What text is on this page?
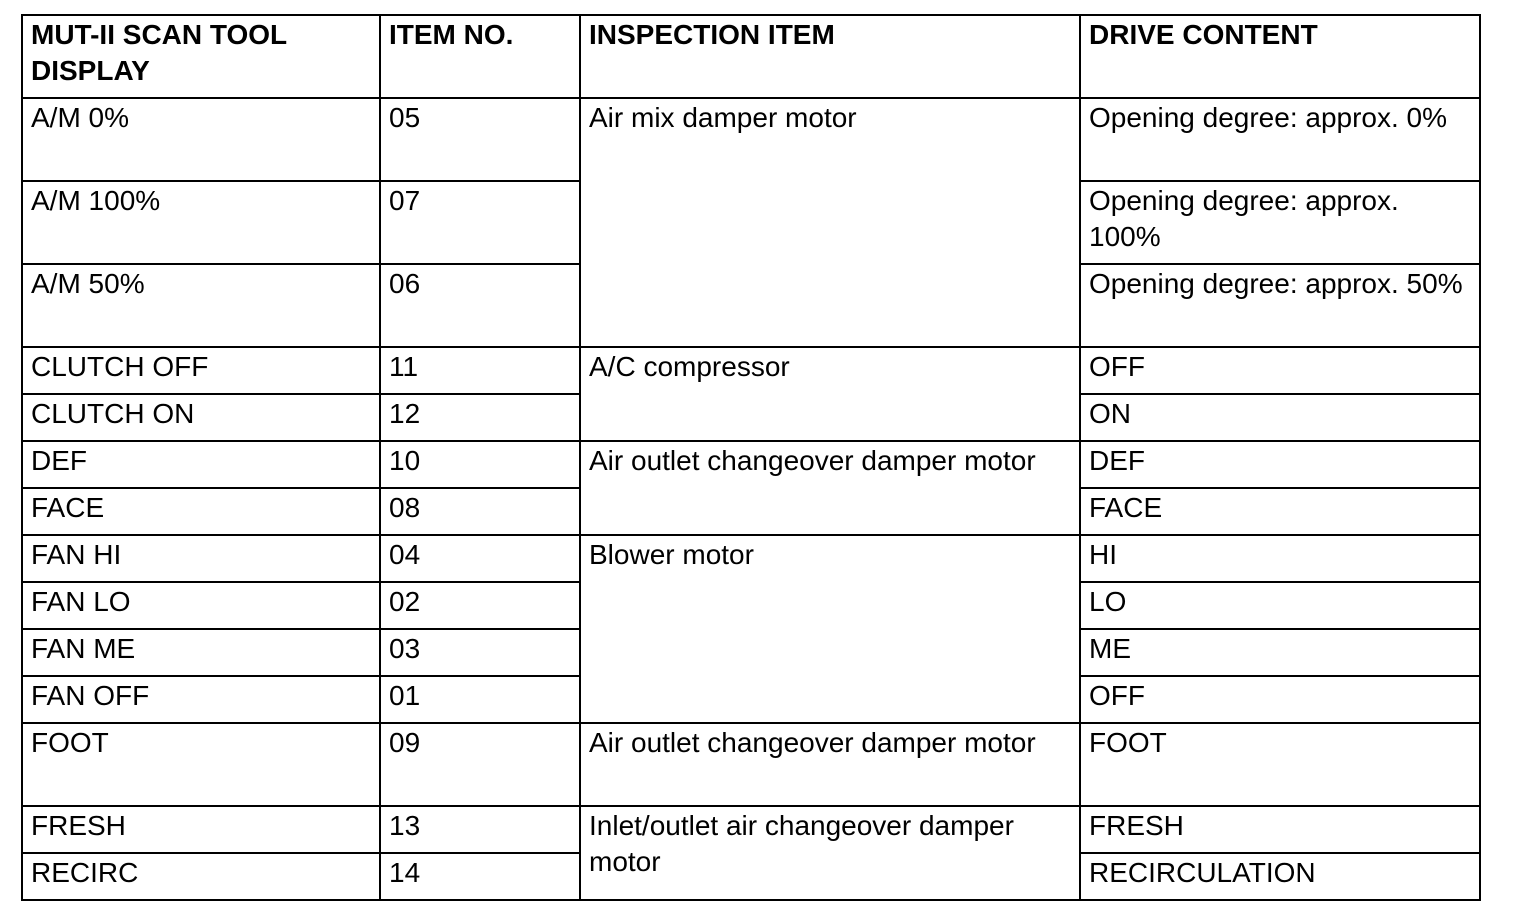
MUT-II SCAN TOOL DISPLAY	ITEM NO.	INSPECTION ITEM	DRIVE CONTENT
A/M 0%	05	Air mix damper motor	Opening degree: approx. 0%
A/M 100%	07		Opening degree: approx. 100%
A/M 50%	06		Opening degree: approx. 50%
CLUTCH OFF	11	A/C compressor	OFF
CLUTCH ON	12		ON
DEF	10	Air outlet changeover damper motor	DEF
FACE	08		FACE
FAN HI	04	Blower motor	HI
FAN LO	02		LO
FAN ME	03		ME
FAN OFF	01		OFF
FOOT	09	Air outlet changeover damper motor	FOOT
FRESH	13	Inlet/outlet air changeover damper motor	FRESH
RECIRC	14		RECIRCULATION
